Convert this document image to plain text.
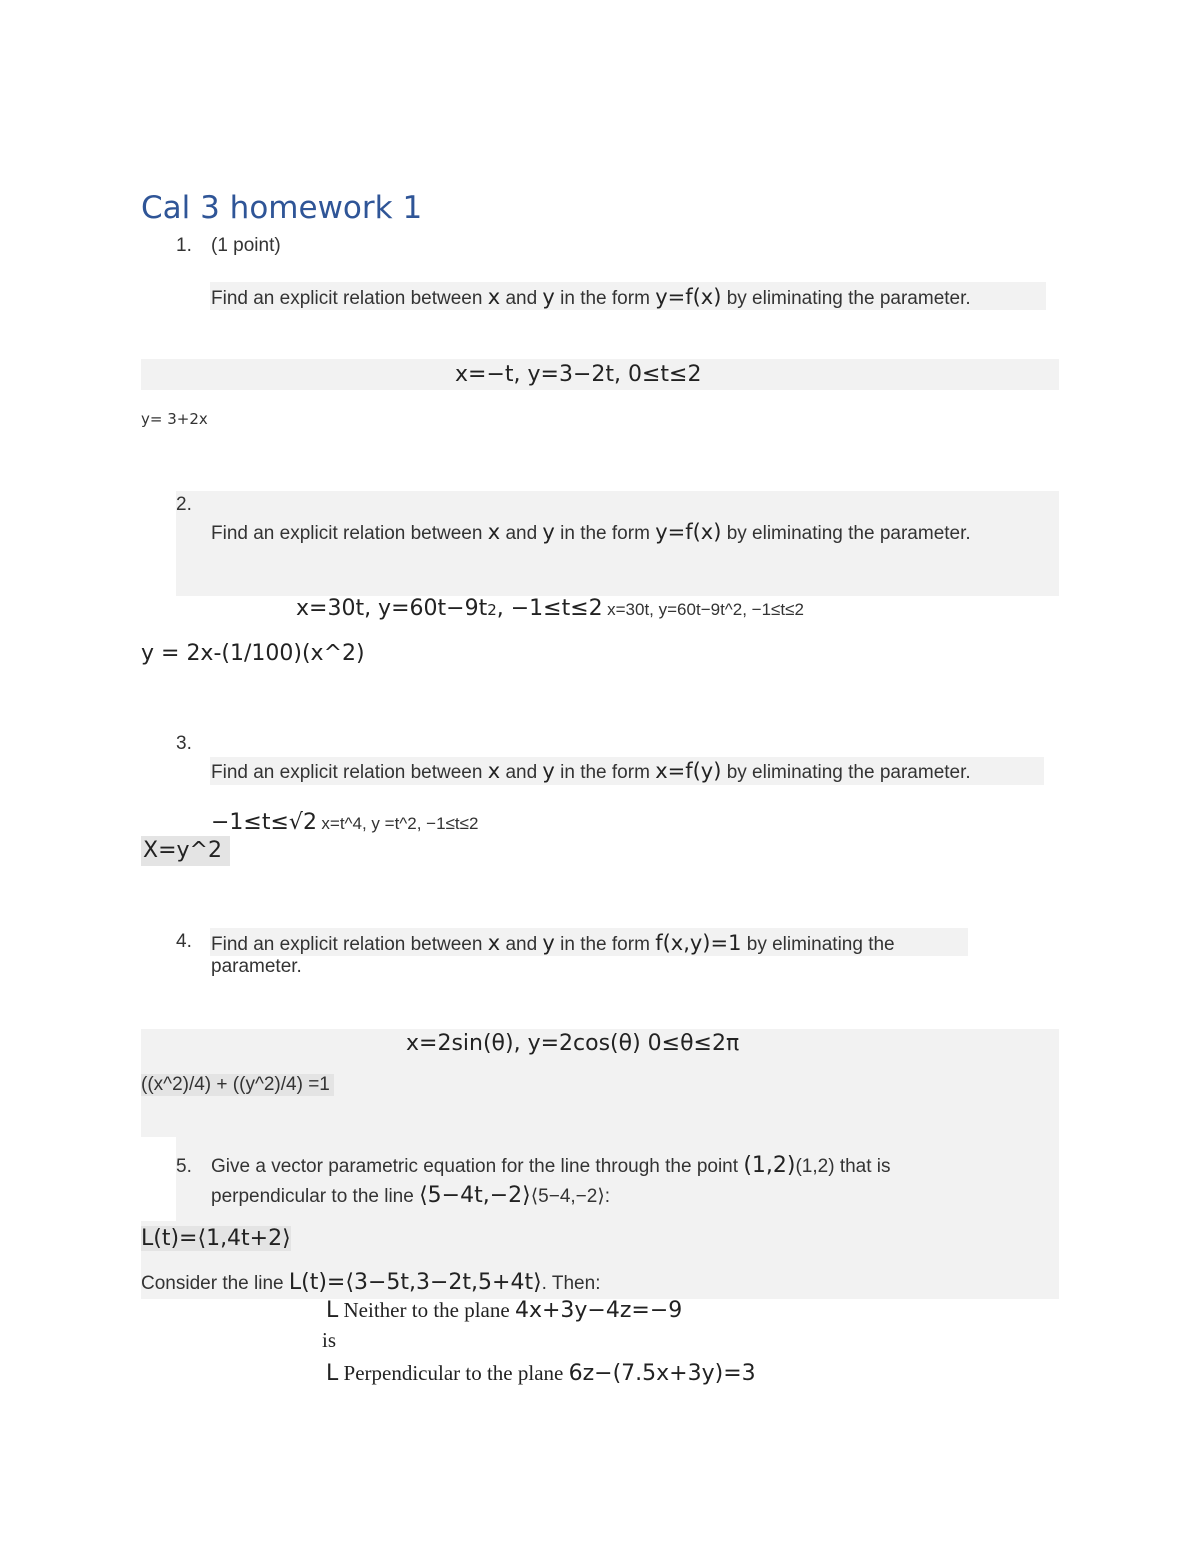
Cal 3 homework 1
1. (1 point)
Find an explicit relation between x and y in the form y=f(x) by eliminating the parameter.
x=−t, y=3−2t, 0≤t≤2
y= 3+2x
2.
Find an explicit relation between x and y in the form y=f(x) by eliminating the parameter.
x=30t, y=60t−9t2, −1≤t≤2 x=30t, y=60t−9t^2, −1≤t≤2
y = 2x-(1/100)(x^2)
3.
Find an explicit relation between x and y in the form x=f(y) by eliminating the parameter.
−1≤t≤√2 x=t^4, y =t^2, −1≤t≤2
X=y^2
4. Find an explicit relation between x and y in the form f(x,y)=1 by eliminating the
parameter.
x=2sin(θ), y=2cos(θ) 0≤θ≤2π
((x^2)/4) + ((y^2)/4) =1
5. Give a vector parametric equation for the line through the point (1,2)(1,2) that is
perpendicular to the line ⟨5−4t,−2⟩⟨5−4,−2⟩:
L(t)=⟨1,4t+2⟩
Consider the line L(t)=⟨3−5t,3−2t,5+4t⟩. Then:
L Neither to the plane 4x+3y−4z=−9
is
L Perpendicular to the plane 6z−(7.5x+3y)=3
